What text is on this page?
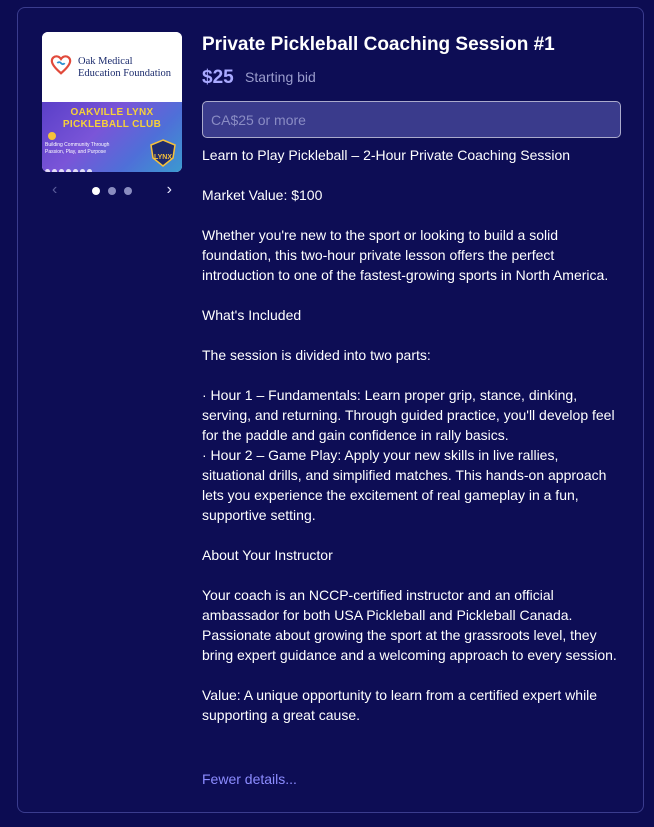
Oak Medical
Education Foundation
OAKVILLE LYNX
PICKLEBALL CLUB
Building Community Through
Passion, Play, and Purpose
LYNX
‹	›
Private Pickleball Coaching Session #1
$25 Starting bid
CA$25 or more

Learn to Play Pickleball – 2-Hour Private Coaching Session

Market Value: $100

Whether you're new to the sport or looking to build a solid foundation, this two-hour private lesson offers the perfect introduction to one of the fastest-growing sports in North America.

What's Included

The session is divided into two parts:

· Hour 1 – Fundamentals: Learn proper grip, stance, dinking, serving, and returning. Through guided practice, you'll develop feel for the paddle and gain confidence in rally basics.

· Hour 2 – Game Play: Apply your new skills in live rallies, situational drills, and simplified matches. This hands-on approach lets you experience the excitement of real gameplay in a fun, supportive setting.

About Your Instructor

Your coach is an NCCP-certified instructor and an official ambassador for both USA Pickleball and Pickleball Canada. Passionate about growing the sport at the grassroots level, they bring expert guidance and a welcoming approach to every session.

Value: A unique opportunity to learn from a certified expert while supporting a great cause.

Fewer details...
